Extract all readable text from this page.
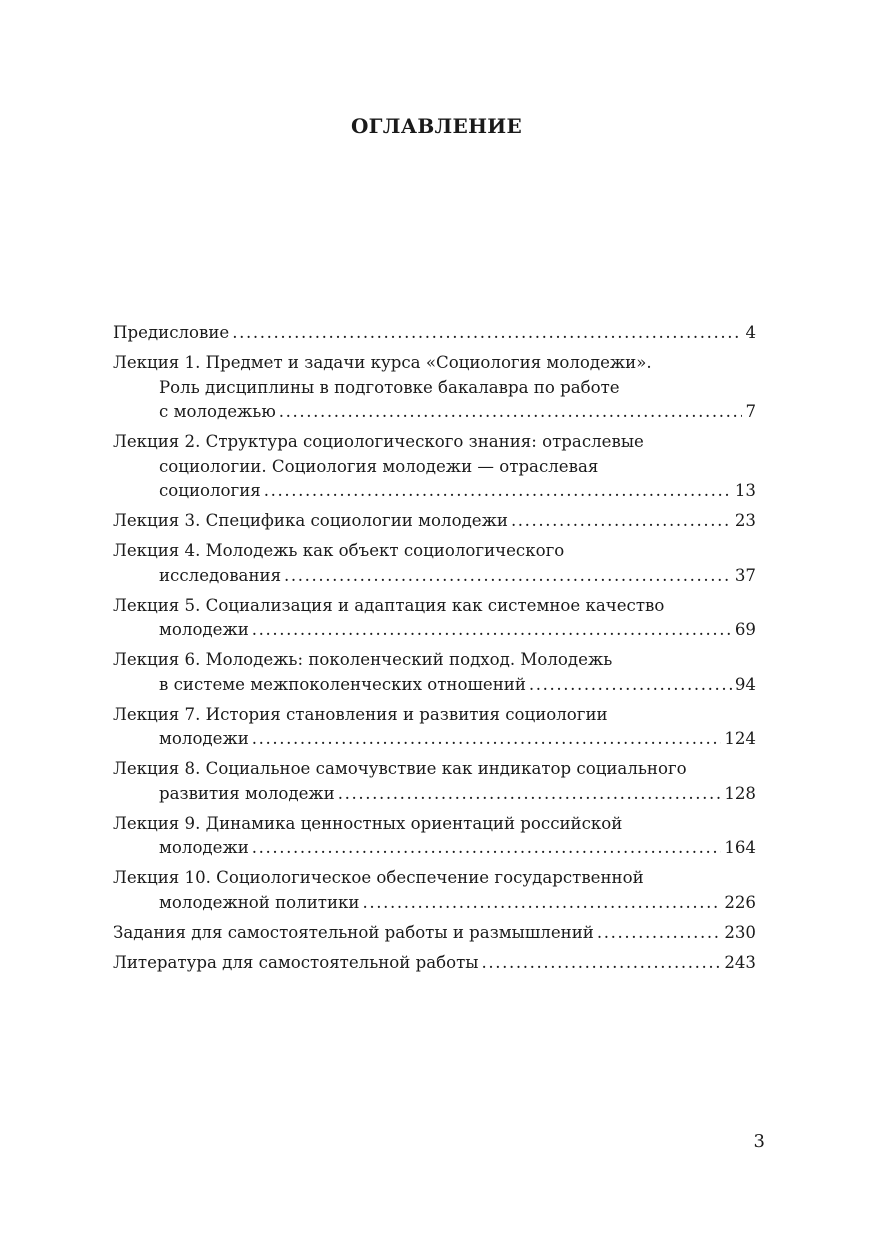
ОГЛАВЛЕНИЕ
Предисловие .....	4
Лекция 1. Предмет и задачи курса «Социология молодежи».
Роль дисциплины в подготовке бакалавра по работе
с молодежью .....	7
Лекция 2. Структура социологического знания: отраслевые
социологии. Социология молодежи — отраслевая
социология .....	13
Лекция 3. Специфика социологии молодежи .....	23
Лекция 4. Молодежь как объект социологического
исследования .....	37
Лекция 5. Социализация и адаптация как системное качество
молодежи .....	69
Лекция 6. Молодежь: поколенческий подход. Молодежь
в системе межпоколенческих отношений .....	94
Лекция 7. История становления и развития социологии
молодежи .....	124
Лекция 8. Социальное самочувствие как индикатор социального
развития молодежи .....	128
Лекция 9. Динамика ценностных ориентаций российской
молодежи .....	164
Лекция 10. Социологическое обеспечение государственной
молодежной политики .....	226
Задания для самостоятельной работы и размышлений .....	230
Литература для самостоятельной работы .....	243
3
